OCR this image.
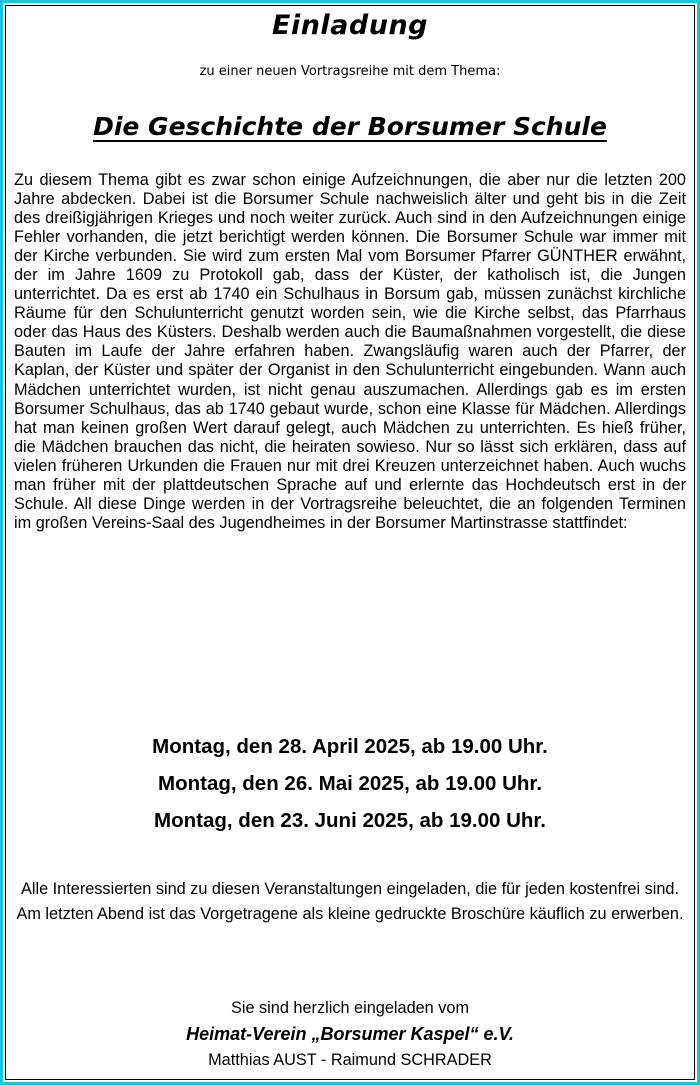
Einladung

zu einer neuen Vortragsreihe mit dem Thema:

Die Geschichte der Borsumer Schule

Zu diesem Thema gibt es zwar schon einige Aufzeichnungen, die aber nur die letzten 200 Jahre abdecken. Dabei ist die Borsumer Schule nachweislich älter und geht bis in die Zeit des dreißigjährigen Krieges und noch weiter zurück. Auch sind in den Aufzeichnungen einige Fehler vorhanden, die jetzt berichtigt werden können. Die Borsumer Schule war immer mit der Kirche verbunden. Sie wird zum ersten Mal vom Borsumer Pfarrer GÜNTHER erwähnt, der im Jahre 1609 zu Protokoll gab, dass der Küster, der katholisch ist, die Jungen unterrichtet. Da es erst ab 1740 ein Schulhaus in Borsum gab, müssen zunächst kirchliche Räume für den Schulunterricht genutzt worden sein, wie die Kirche selbst, das Pfarrhaus oder das Haus des Küsters. Deshalb werden auch die Baumaßnahmen vorgestellt, die diese Bauten im Laufe der Jahre erfahren haben. Zwangsläufig waren auch der Pfarrer, der Kaplan, der Küster und später der Organist in den Schulunterricht eingebunden. Wann auch Mädchen unterrichtet wurden, ist nicht genau auszumachen. Allerdings gab es im ersten Borsumer Schulhaus, das ab 1740 gebaut wurde, schon eine Klasse für Mädchen. Allerdings hat man keinen großen Wert darauf gelegt, auch Mädchen zu unterrichten. Es hieß früher, die Mädchen brauchen das nicht, die heiraten sowieso. Nur so lässt sich erklären, dass auf vielen früheren Urkunden die Frauen nur mit drei Kreuzen unterzeichnet haben. Auch wuchs man früher mit der plattdeutschen Sprache auf und erlernte das Hochdeutsch erst in der Schule. All diese Dinge werden in der Vortragsreihe beleuchtet, die an folgenden Terminen im großen Vereins-Saal des Jugendheimes in der Borsumer Martinstrasse stattfindet:

Montag, den 28. April 2025, ab 19.00 Uhr.
Montag, den 26. Mai 2025, ab 19.00 Uhr.
Montag, den 23. Juni 2025, ab 19.00 Uhr.

Alle Interessierten sind zu diesen Veranstaltungen eingeladen, die für jeden kostenfrei sind. Am letzten Abend ist das Vorgetragene als kleine gedruckte Broschüre käuflich zu erwerben.

Sie sind herzlich eingeladen vom
Heimat-Verein „Borsumer Kaspel“ e.V.
Matthias AUST - Raimund SCHRADER
